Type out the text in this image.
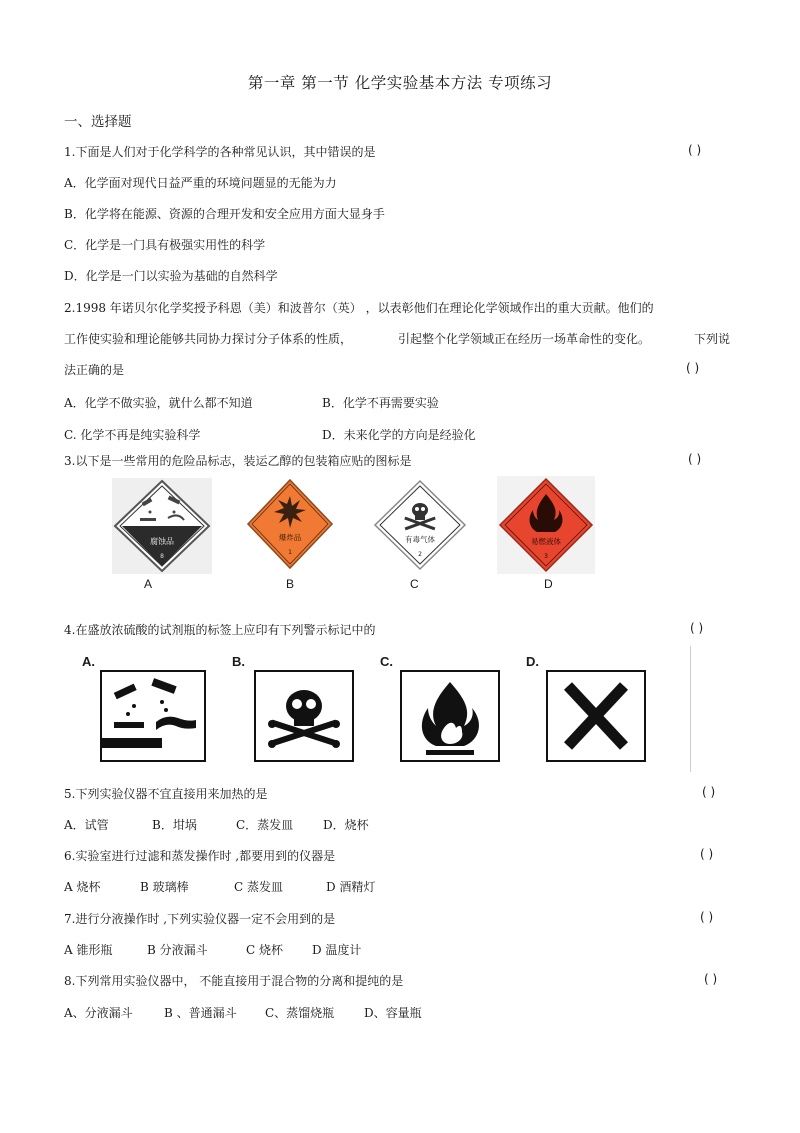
第一章 第一节 化学实验基本方法 专项练习
一、选择题
1.下面是人们对于化学科学的各种常见认识，其中错误的是	( )
A．化学面对现代日益严重的环境问题显的无能为力
B．化学将在能源、资源的合理开发和安全应用方面大显身手
C．化学是一门具有极强实用性的科学
D．化学是一门以实验为基础的自然科学
2.1998 年诺贝尔化学奖授予科恩（美）和波普尔（英） ，以表彰他们在理论化学领域作出的重大贡献。他们的
工作使实验和理论能够共同协力探讨分子体系的性质，	引起整个化学领域正在经历一场革命性的变化。	下列说
法正确的是	( )
A．化学不做实验，就什么都不知道	B．化学不再需要实验
C. 化学不再是纯实验科学	D．未来化学的方向是经验化
3.以下是一些常用的危险品标志，装运乙醇的包装箱应贴的图标是	( )
腐蚀品
8
爆炸品
1
有毒气体
2
易燃液体
3
A	B	C	D
4.在盛放浓硫酸的试剂瓶的标签上应印有下列警示标记中的	( )
A.	B.	C.	D.
5.下列实验仪器不宜直接用来加热的是	( )
A．试管	B．坩埚	C．蒸发皿 D．烧杯
6.实验室进行过滤和蒸发操作时 ,都要用到的仪器是	( )
A 烧杯	B 玻璃棒	C 蒸发皿	D 酒精灯
7.进行分液操作时 ,下列实验仪器一定不会用到的是	( )
A 锥形瓶	B 分液漏斗	C 烧杯 D 温度计
8.下列常用实验仪器中， 不能直接用于混合物的分离和提纯的是	( )
A、分液漏斗	B 、普通漏斗 C、蒸馏烧瓶 D、容量瓶
